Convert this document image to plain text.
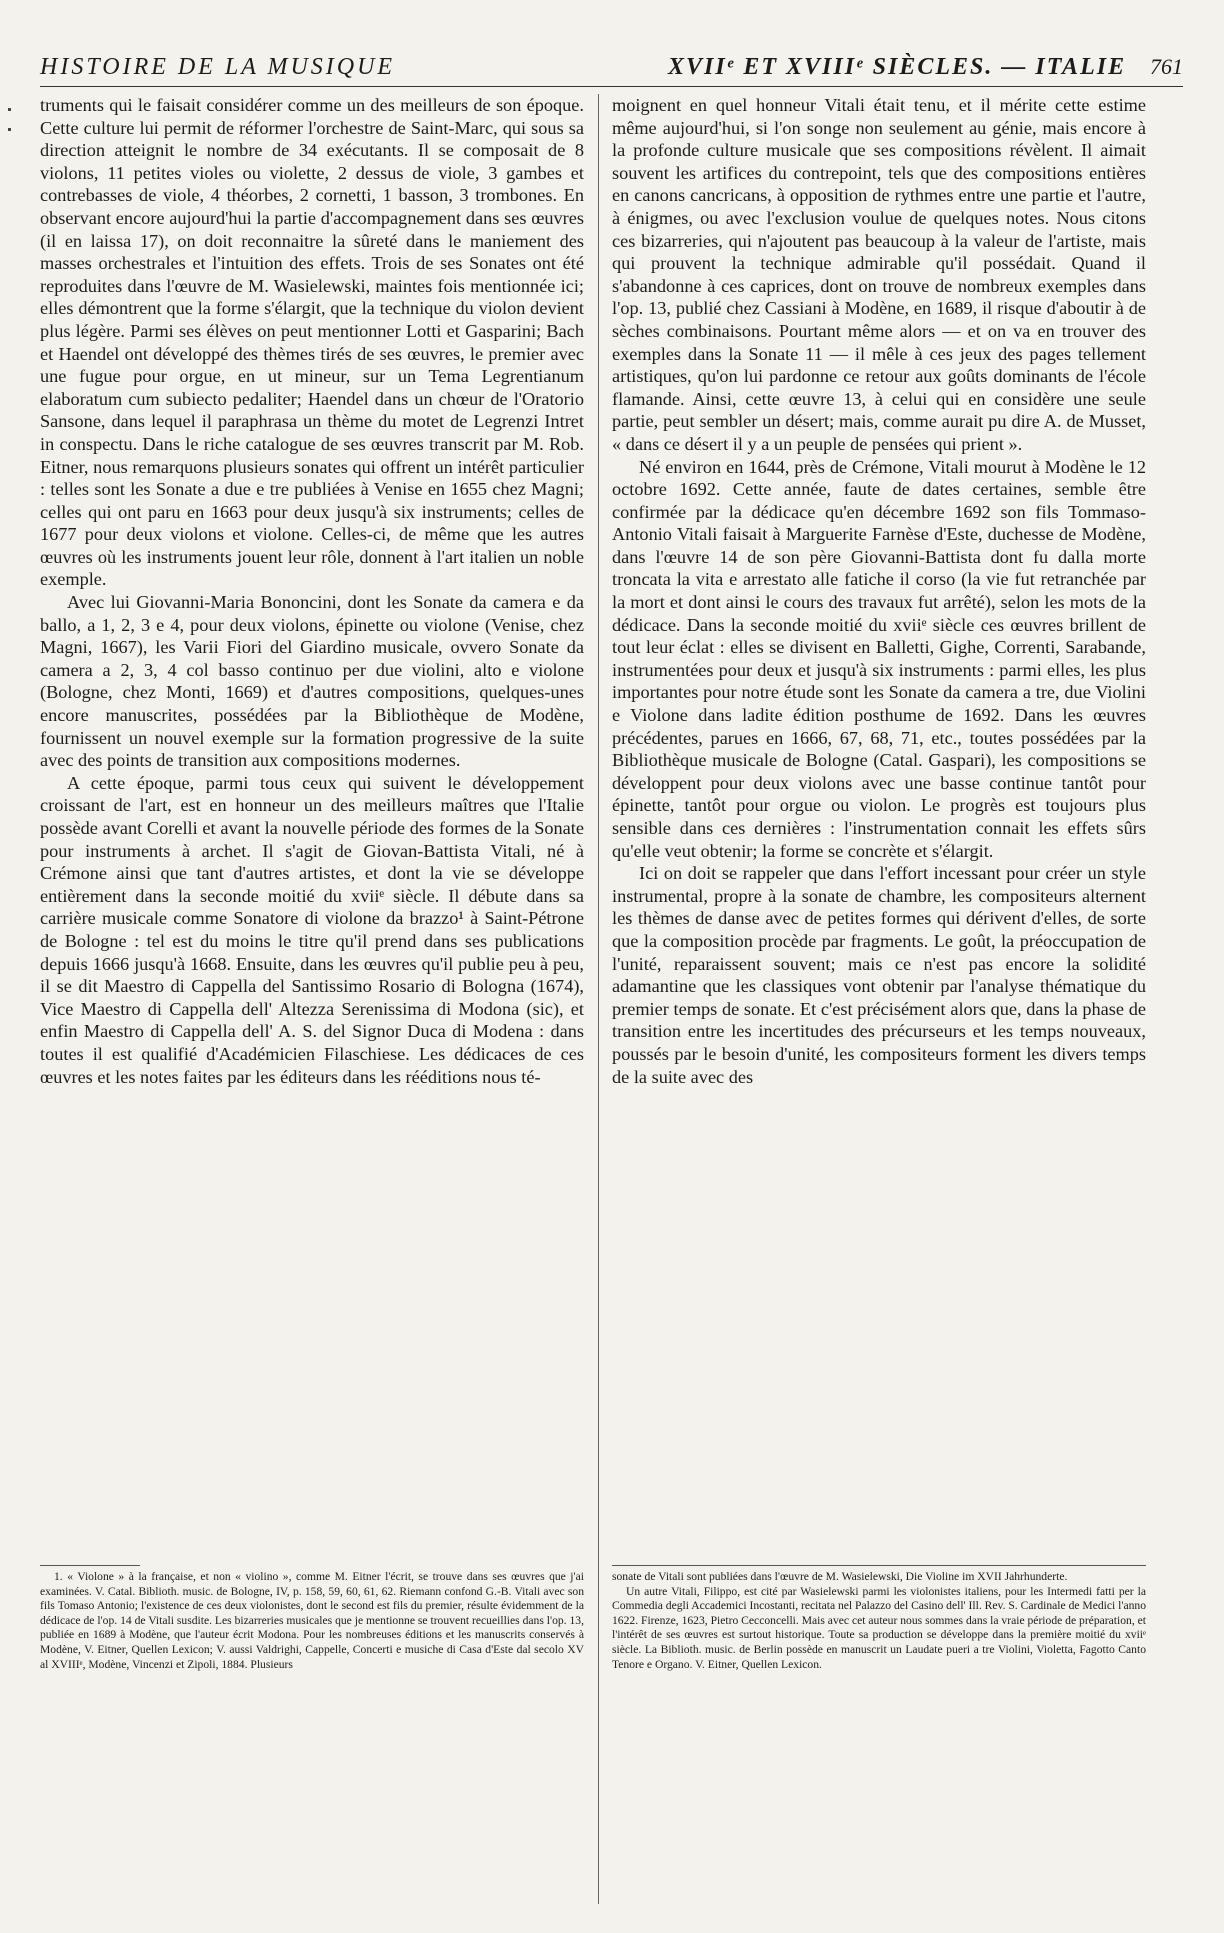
HISTOIRE DE LA MUSIQUE	XVIIᵉ ET XVIIIᵉ SIÈCLES. — ITALIE 761

truments qui le faisait considérer comme un des meilleurs de son époque. Cette culture lui permit de réformer l'orchestre de Saint-Marc, qui sous sa direction atteignit le nombre de 34 exécutants. Il se composait de 8 violons, 11 petites violes ou violette, 2 dessus de viole, 3 gambes et contrebasses de viole, 4 théorbes, 2 cornetti, 1 basson, 3 trombones. En observant encore aujourd'hui la partie d'accompagnement dans ses œuvres (il en laissa 17), on doit reconnaitre la sûreté dans le maniement des masses orchestrales et l'intuition des effets. Trois de ses Sonates ont été reproduites dans l'œuvre de M. Wasielewski, maintes fois mentionnée ici; elles démontrent que la forme s'élargit, que la technique du violon devient plus légère. Parmi ses élèves on peut mentionner Lotti et Gasparini; Bach et Haendel ont développé des thèmes tirés de ses œuvres, le premier avec une fugue pour orgue, en ut mineur, sur un Tema Legrentianum elaboratum cum subiecto pedaliter; Haendel dans un chœur de l'Oratorio Sansone, dans lequel il paraphrasa un thème du motet de Legrenzi Intret in conspectu. Dans le riche catalogue de ses œuvres transcrit par M. Rob. Eitner, nous remarquons plusieurs sonates qui offrent un intérêt particulier : telles sont les Sonate a due e tre publiées à Venise en 1655 chez Magni; celles qui ont paru en 1663 pour deux jusqu'à six instruments; celles de 1677 pour deux violons et violone. Celles-ci, de même que les autres œuvres où les instruments jouent leur rôle, donnent à l'art italien un noble exemple.

Avec lui Giovanni-Maria Bononcini, dont les Sonate da camera e da ballo, a 1, 2, 3 e 4, pour deux violons, épinette ou violone (Venise, chez Magni, 1667), les Varii Fiori del Giardino musicale, ovvero Sonate da camera a 2, 3, 4 col basso continuo per due violini, alto e violone (Bologne, chez Monti, 1669) et d'autres compositions, quelques-unes encore manuscrites, possédées par la Bibliothèque de Modène, fournissent un nouvel exemple sur la formation progressive de la suite avec des points de transition aux compositions modernes.

A cette époque, parmi tous ceux qui suivent le développement croissant de l'art, est en honneur un des meilleurs maîtres que l'Italie possède avant Corelli et avant la nouvelle période des formes de la Sonate pour instruments à archet. Il s'agit de Giovan-Battista Vitali, né à Crémone ainsi que tant d'autres artistes, et dont la vie se développe entièrement dans la seconde moitié du xviiᵉ siècle. Il débute dans sa carrière musicale comme Sonatore di violone da brazzo¹ à Saint-Pétrone de Bologne : tel est du moins le titre qu'il prend dans ses publications depuis 1666 jusqu'à 1668. Ensuite, dans les œuvres qu'il publie peu à peu, il se dit Maestro di Cappella del Santissimo Rosario di Bologna (1674), Vice Maestro di Cappella dell' Altezza Serenissima di Modona (sic), et enfin Maestro di Cappella dell' A. S. del Signor Duca di Modena : dans toutes il est qualifié d'Académicien Filaschiese. Les dédicaces de ces œuvres et les notes faites par les éditeurs dans les rééditions nous té-

moignent en quel honneur Vitali était tenu, et il mérite cette estime même aujourd'hui, si l'on songe non seulement au génie, mais encore à la profonde culture musicale que ses compositions révèlent. Il aimait souvent les artifices du contrepoint, tels que des compositions entières en canons cancricans, à opposition de rythmes entre une partie et l'autre, à énigmes, ou avec l'exclusion voulue de quelques notes. Nous citons ces bizarreries, qui n'ajoutent pas beaucoup à la valeur de l'artiste, mais qui prouvent la technique admirable qu'il possédait. Quand il s'abandonne à ces caprices, dont on trouve de nombreux exemples dans l'op. 13, publié chez Cassiani à Modène, en 1689, il risque d'aboutir à de sèches combinaisons. Pourtant même alors — et on va en trouver des exemples dans la Sonate 11 — il mêle à ces jeux des pages tellement artistiques, qu'on lui pardonne ce retour aux goûts dominants de l'école flamande. Ainsi, cette œuvre 13, à celui qui en considère une seule partie, peut sembler un désert; mais, comme aurait pu dire A. de Musset, « dans ce désert il y a un peuple de pensées qui prient ».

Né environ en 1644, près de Crémone, Vitali mourut à Modène le 12 octobre 1692. Cette année, faute de dates certaines, semble être confirmée par la dédicace qu'en décembre 1692 son fils Tommaso-Antonio Vitali faisait à Marguerite Farnèse d'Este, duchesse de Modène, dans l'œuvre 14 de son père Giovanni-Battista dont fu dalla morte troncata la vita e arrestato alle fatiche il corso (la vie fut retranchée par la mort et dont ainsi le cours des travaux fut arrêté), selon les mots de la dédicace. Dans la seconde moitié du xviiᵉ siècle ces œuvres brillent de tout leur éclat : elles se divisent en Balletti, Gighe, Correnti, Sarabande, instrumentées pour deux et jusqu'à six instruments : parmi elles, les plus importantes pour notre étude sont les Sonate da camera a tre, due Violini e Violone dans ladite édition posthume de 1692. Dans les œuvres précédentes, parues en 1666, 67, 68, 71, etc., toutes possédées par la Bibliothèque musicale de Bologne (Catal. Gaspari), les compositions se développent pour deux violons avec une basse continue tantôt pour épinette, tantôt pour orgue ou violon. Le progrès est toujours plus sensible dans ces dernières : l'instrumentation connait les effets sûrs qu'elle veut obtenir; la forme se concrète et s'élargit.

Ici on doit se rappeler que dans l'effort incessant pour créer un style instrumental, propre à la sonate de chambre, les compositeurs alternent les thèmes de danse avec de petites formes qui dérivent d'elles, de sorte que la composition procède par fragments. Le goût, la préoccupation de l'unité, reparaissent souvent; mais ce n'est pas encore la solidité adamantine que les classiques vont obtenir par l'analyse thématique du premier temps de sonate. Et c'est précisément alors que, dans la phase de transition entre les incertitudes des précurseurs et les temps nouveaux, poussés par le besoin d'unité, les compositeurs forment les divers temps de la suite avec des

1. « Violone » à la française, et non « violino », comme M. Eitner l'écrit, se trouve dans ses œuvres que j'ai examinées. V. Catal. Biblioth. music. de Bologne, IV, p. 158, 59, 60, 61, 62. Riemann confond G.-B. Vitali avec son fils Tomaso Antonio; l'existence de ces deux violonistes, dont le second est fils du premier, résulte évidemment de la dédicace de l'op. 14 de Vitali susdite. Les bizarreries musicales que je mentionne se trouvent recueillies dans l'op. 13, publiée en 1689 à Modène, que l'auteur écrit Modona. Pour les nombreuses éditions et les manuscrits conservés à Modène, V. Eitner, Quellen Lexicon; V. aussi Valdrighi, Cappelle, Concerti e musiche di Casa d'Este dal secolo XV al XVIIIᵉ, Modène, Vincenzi et Zipoli, 1884. Plusieurs

sonate de Vitali sont publiées dans l'œuvre de M. Wasielewski, Die Violine im XVII Jahrhunderte.

Un autre Vitali, Filippo, est cité par Wasielewski parmi les violonistes italiens, pour les Intermedi fatti per la Commedia degli Accademici Incostanti, recitata nel Palazzo del Casino dell' Ill. Rev. S. Cardinale de Medici l'anno 1622. Firenze, 1623, Pietro Cecconcelli. Mais avec cet auteur nous sommes dans la vraie période de préparation, et l'intérêt de ses œuvres est surtout historique. Toute sa production se développe dans la première moitié du xviiᵉ siècle. La Biblioth. music. de Berlin possède en manuscrit un Laudate pueri a tre Violini, Violetta, Fagotto Canto Tenore e Organo. V. Eitner, Quellen Lexicon.
